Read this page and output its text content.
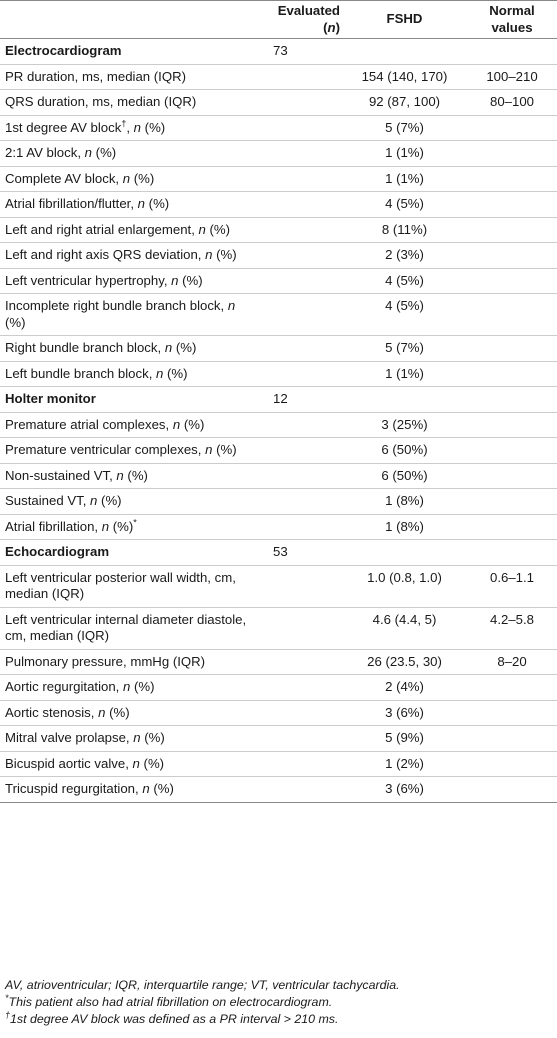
	Evaluated (n)	FSHD	Normal values
Electrocardiogram	73		
PR duration, ms, median (IQR)		154 (140, 170)	100–210
QRS duration, ms, median (IQR)		92 (87, 100)	80–100
1st degree AV block†, n (%)		5 (7%)	
2:1 AV block, n (%)		1 (1%)	
Complete AV block, n (%)		1 (1%)	
Atrial fibrillation/flutter, n (%)		4 (5%)	
Left and right atrial enlargement, n (%)		8 (11%)	
Left and right axis QRS deviation, n (%)		2 (3%)	
Left ventricular hypertrophy, n (%)		4 (5%)	
Incomplete right bundle branch block, n (%)		4 (5%)	
Right bundle branch block, n (%)		5 (7%)	
Left bundle branch block, n (%)		1 (1%)	
Holter monitor	12		
Premature atrial complexes, n (%)		3 (25%)	
Premature ventricular complexes, n (%)		6 (50%)	
Non-sustained VT, n (%)		6 (50%)	
Sustained VT, n (%)		1 (8%)	
Atrial fibrillation, n (%)*		1 (8%)	
Echocardiogram	53		
Left ventricular posterior wall width, cm, median (IQR)		1.0 (0.8, 1.0)	0.6–1.1
Left ventricular internal diameter diastole, cm, median (IQR)		4.6 (4.4, 5)	4.2–5.8
Pulmonary pressure, mmHg (IQR)		26 (23.5, 30)	8–20
Aortic regurgitation, n (%)		2 (4%)	
Aortic stenosis, n (%)		3 (6%)	
Mitral valve prolapse, n (%)		5 (9%)	
Bicuspid aortic valve, n (%)		1 (2%)	
Tricuspid regurgitation, n (%)		3 (6%)	
AV, atrioventricular; IQR, interquartile range; VT, ventricular tachycardia.
*This patient also had atrial fibrillation on electrocardiogram.
†1st degree AV block was defined as a PR interval > 210 ms.
